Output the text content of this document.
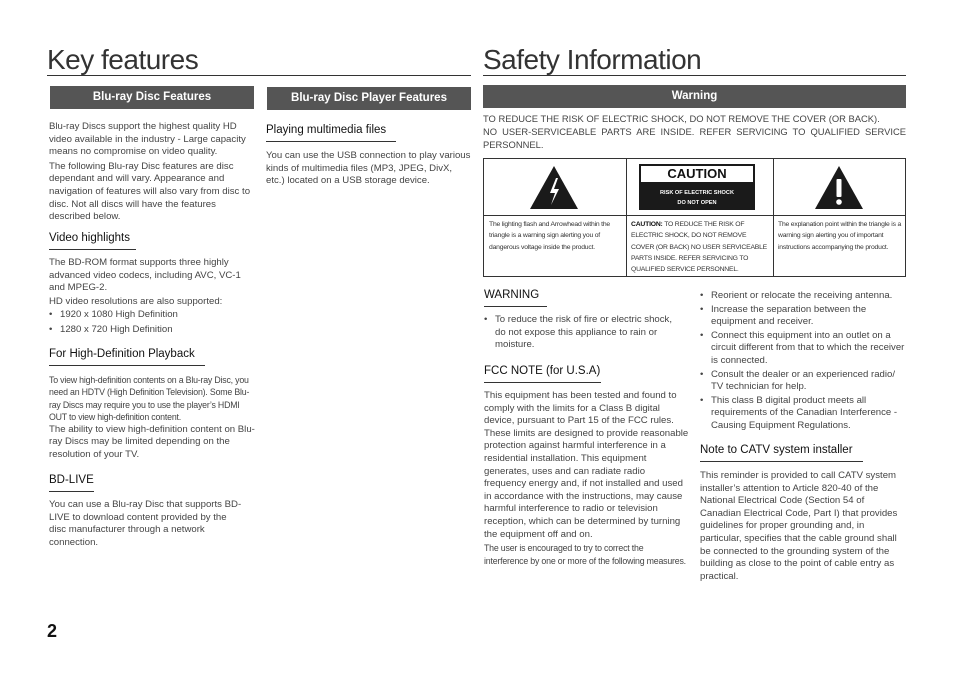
Key features	Safety Information
Blu-ray Disc Features

Blu-ray Discs support the highest quality HD video available in the industry - Large capacity means no compromise on video quality.

The following Blu-ray Disc features are disc dependant and will vary. Appearance and navigation of features will also vary from disc to disc. Not all discs will have the features described below.

Video highlights

The BD-ROM format supports three highly advanced video codecs, including AVC, VC-1 and MPEG-2.

HD video resolutions are also supported:

• 1920 x 1080 High Definition

• 1280 x 720 High Definition

For High-Definition Playback

To view high-definition contents on a Blu-ray Disc, you need an HDTV (High Definition Television). Some Blu-ray Discs may require you to use the player’s HDMI OUT to view high-definition content.

The ability to view high-definition content on Blu-ray Discs may be limited depending on the resolution of your TV.

BD-LIVE
You can use a Blu-ray Disc that supports BD-LIVE to download content provided by the disc manufacturer through a network connection.
2
Blu-ray Disc Player Features
Playing multimedia files
You can use the USB connection to play various kinds of multimedia files (MP3, JPEG, DivX, etc.) located on a USB storage device.
Warning

TO REDUCE THE RISK OF ELECTRIC SHOCK, DO NOT REMOVE THE COVER (OR BACK).

NO USER-SERVICEABLE PARTS ARE INSIDE. REFER SERVICING TO QUALIFIED SERVICE PERSONNEL.

CAUTION
RISK OF ELECTRIC SHOCK
DO NOT OPEN
The lighting flash and Arrowhead within the triangle is a warning sign alerting you of dangerous voltage inside the product.
CAUTION: TO REDUCE THE RISK OF ELECTRIC SHOCK, DO NOT REMOVE COVER (OR BACK) NO USER SERVICEABLE PARTS INSIDE. REFER SERVICING TO QUALIFIED SERVICE PERSONNEL.
The explanation point within the triangle is a warning sign alerting you of important instructions accompanying the product.
WARNING

• To reduce the risk of fire or electric shock, do not expose this appliance to rain or moisture.

FCC NOTE (for U.S.A)

This equipment has been tested and found to comply with the limits for a Class B digital device, pursuant to Part 15 of the FCC rules. These limits are designed to provide reasonable protection against harmful interference in a residential installation. This equipment generates, uses and can radiate radio frequency energy and, if not installed and used in accordance with the instructions, may cause harmful interference to radio or television reception, which can be determined by turning the equipment off and on.

The user is encouraged to try to correct the interference by one or more of the following measures.

• Reorient or relocate the receiving antenna.

• Increase the separation between the equipment and receiver.

• Connect this equipment into an outlet on a circuit different from that to which the receiver is connected.

• Consult the dealer or an experienced radio/ TV technician for help.

• This class B digital product meets all requirements of the Canadian Interference -Causing Equipment Regulations.

Note to CATV system installer
This reminder is provided to call CATV system installer’s attention to Article 820-40 of the National Electrical Code (Section 54 of Canadian Electrical Code, Part I) that provides guidelines for proper grounding and, in particular, specifies that the cable ground shall be connected to the grounding system of the building as close to the point of cable entry as practical.
